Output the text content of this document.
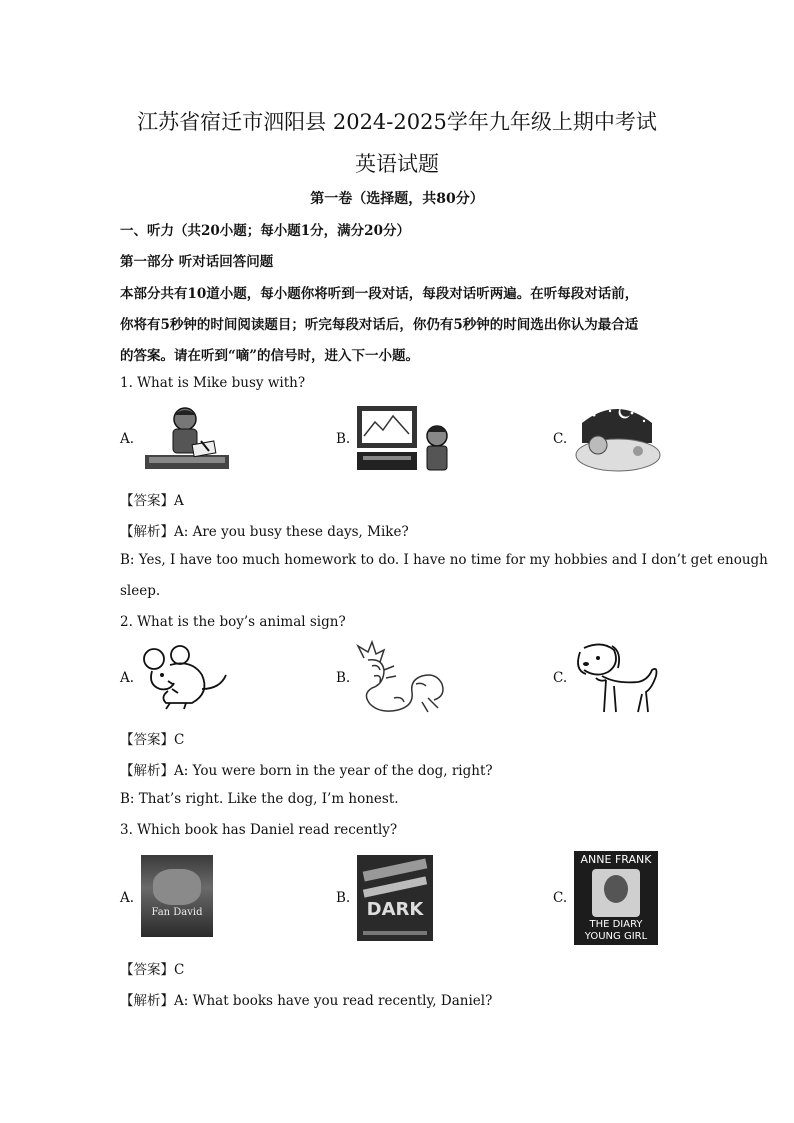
江苏省宿迁市泗阳县 2024-2025学年九年级上期中考试
英语试题
第一卷（选择题，共80分）
一、听力（共20小题；每小题1分，满分20分）
第一部分 听对话回答问题
本部分共有10道小题，每小题你将听到一段对话，每段对话听两遍。在听每段对话前，
你将有5秒钟的时间阅读题目；听完每段对话后，你仍有5秒钟的时间选出你认为最合适
的答案。请在听到“嘀”的信号时，进入下一小题。
1. What is Mike busy with?
A.	B.	C.
【答案】A
【解析】A: Are you busy these days, Mike?
B: Yes, I have too much homework to do. I have no time for my hobbies and I don’t get enough
sleep.
2. What is the boy’s animal sign?
A.	B.	C.
【答案】C
【解析】A: You were born in the year of the dog, right?
B: That’s right. Like the dog, I’m honest.
3. Which book has Daniel read recently?
A.	B.	C.
Fan David	DARK
ANNE FRANK
THE DIARY
YOUNG GIRL
【答案】C
【解析】A: What books have you read recently, Daniel?
